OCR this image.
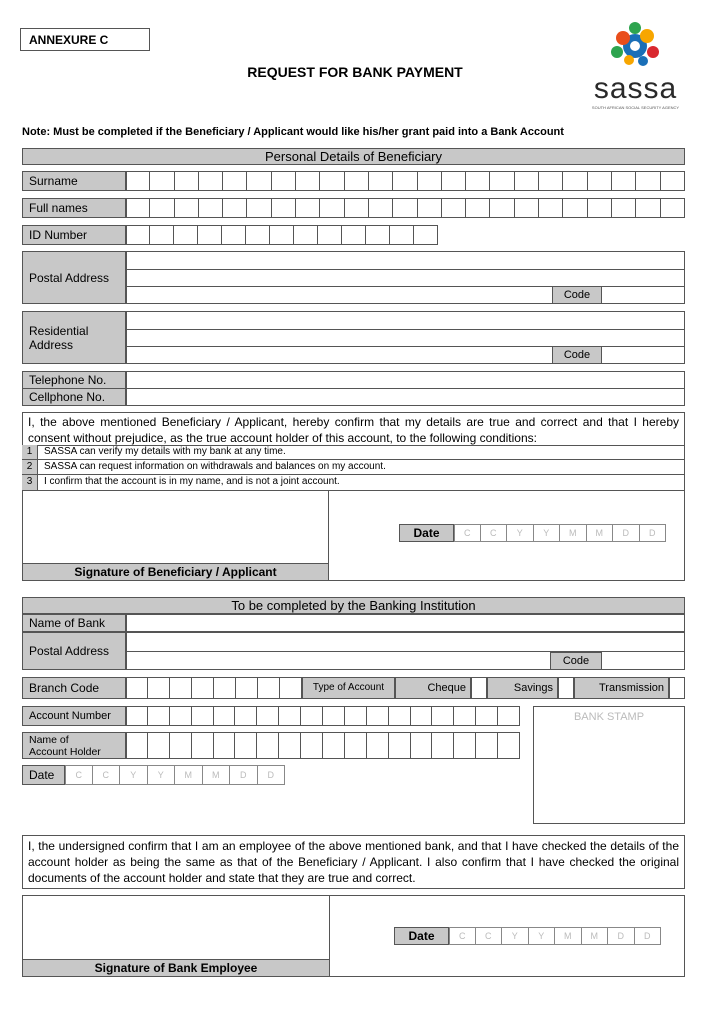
ANNEXURE C
REQUEST FOR BANK PAYMENT	sassa
SOUTH AFRICAN SOCIAL SECURITY AGENCY
Note: Must be completed if the Beneficiary / Applicant would like his/her grant paid into a Bank Account
Personal Details of Beneficiary
Surname
Full names
ID Number
Postal Address
Code
Residential Address
Code
Telephone No.
Cellphone No.
I, the above mentioned Beneficiary / Applicant, hereby confirm that my details are true and correct and that I hereby consent without prejudice, as the true account holder of this account, to the following conditions:
1	SASSA can verify my details with my bank at any time.
2	SASSA can request information on withdrawals and balances on my account.
3	I confirm that the account is in my name, and is not a joint account.
Signature of Beneficiary / Applicant
Date	C	C	Y	Y	M	M	D	D
To be completed by the Banking Institution
Name of Bank
Postal Address
Code
Branch Code	Type of Account	Cheque	Savings	Transmission
Account Number
Name of Account Holder
Date	C	C	Y	Y	M	M	D	D
BANK STAMP
I, the undersigned confirm that I am an employee of the above mentioned bank, and that I have checked the details of the account holder as being the same as that of the Beneficiary / Applicant. I also confirm that I have checked the original documents of the account holder and state that they are true and correct.
Signature of Bank Employee
Date	C	C	Y	Y	M	M	D	D
